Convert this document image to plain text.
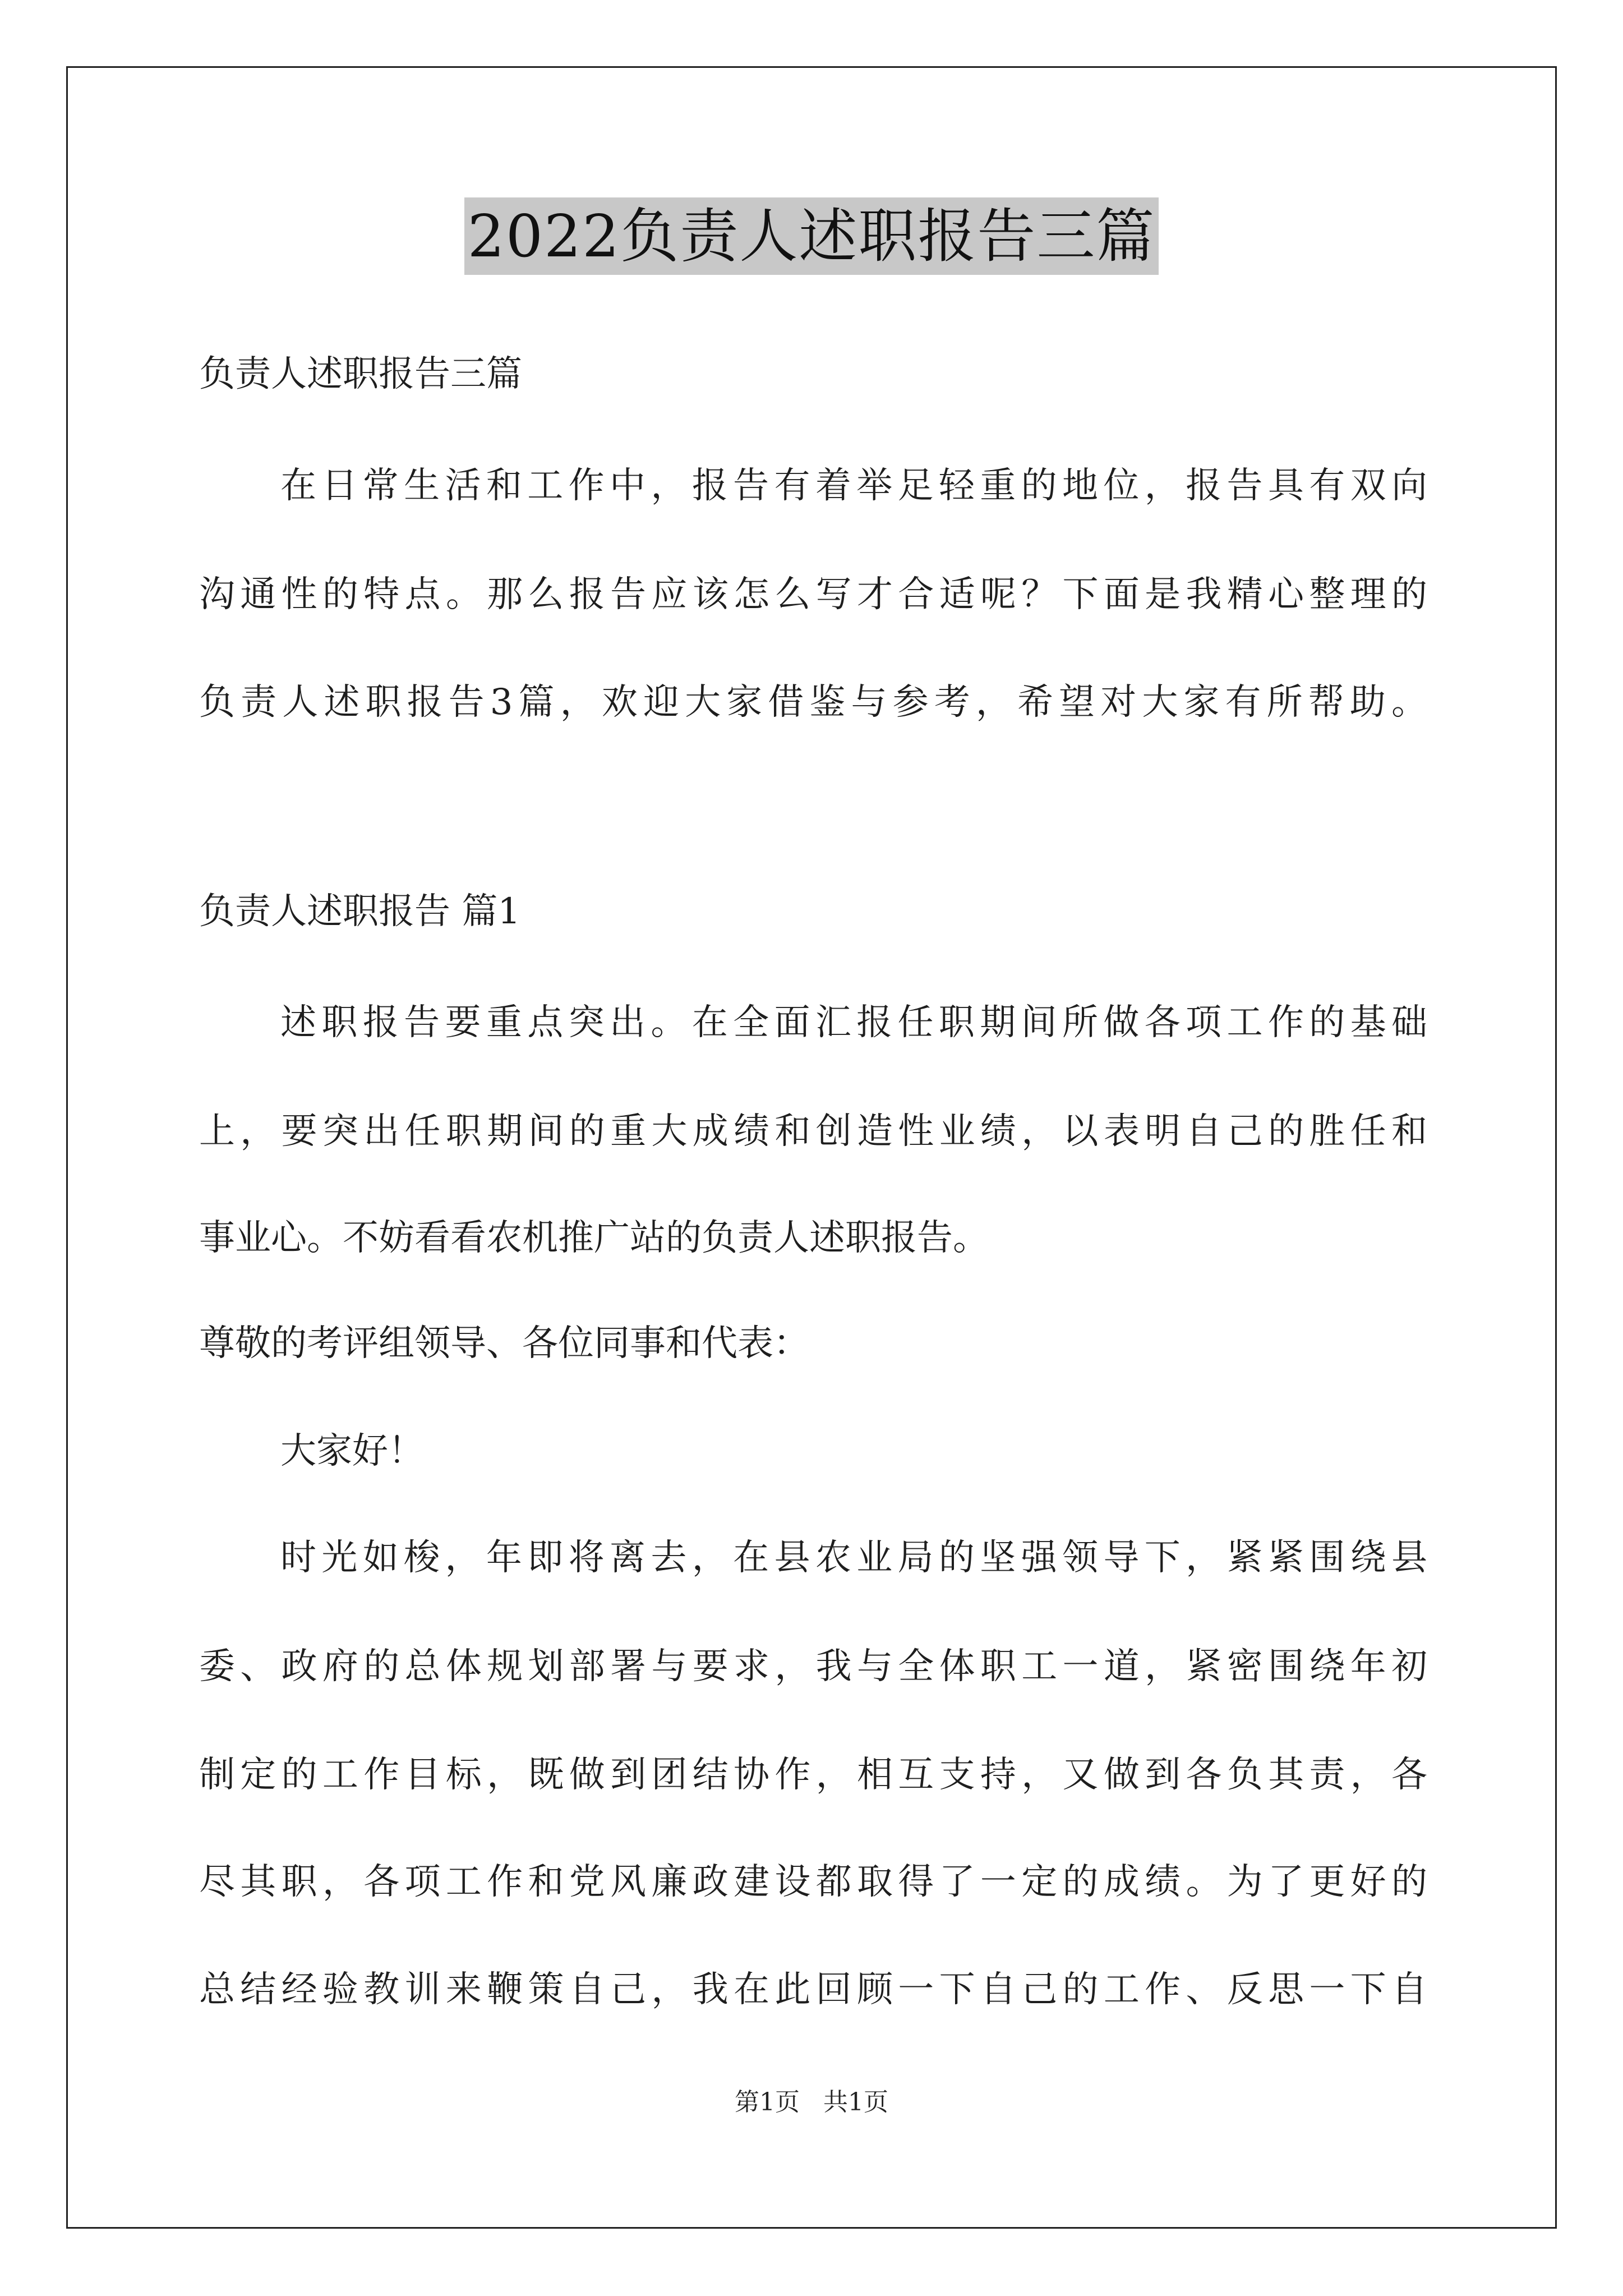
2022负责人述职报告三篇
负责人述职报告三篇
在日常生活和工作中，报告有着举足轻重的地位，报告具有双向
沟通性的特点。那么报告应该怎么写才合适呢？下面是我精心整理的
负责人述职报告3篇，欢迎大家借鉴与参考，希望对大家有所帮助。
负责人述职报告 篇1
述职报告要重点突出。在全面汇报任职期间所做各项工作的基础
上，要突出任职期间的重大成绩和创造性业绩，以表明自己的胜任和
事业心。不妨看看农机推广站的负责人述职报告。
尊敬的考评组领导、各位同事和代表：
大家好！
时光如梭，年即将离去，在县农业局的坚强领导下，紧紧围绕县
委、政府的总体规划部署与要求，我与全体职工一道，紧密围绕年初
制定的工作目标，既做到团结协作，相互支持，又做到各负其责，各
尽其职，各项工作和党风廉政建设都取得了一定的成绩。为了更好的
总结经验教训来鞭策自己，我在此回顾一下自己的工作、反思一下自
第1页 共1页
